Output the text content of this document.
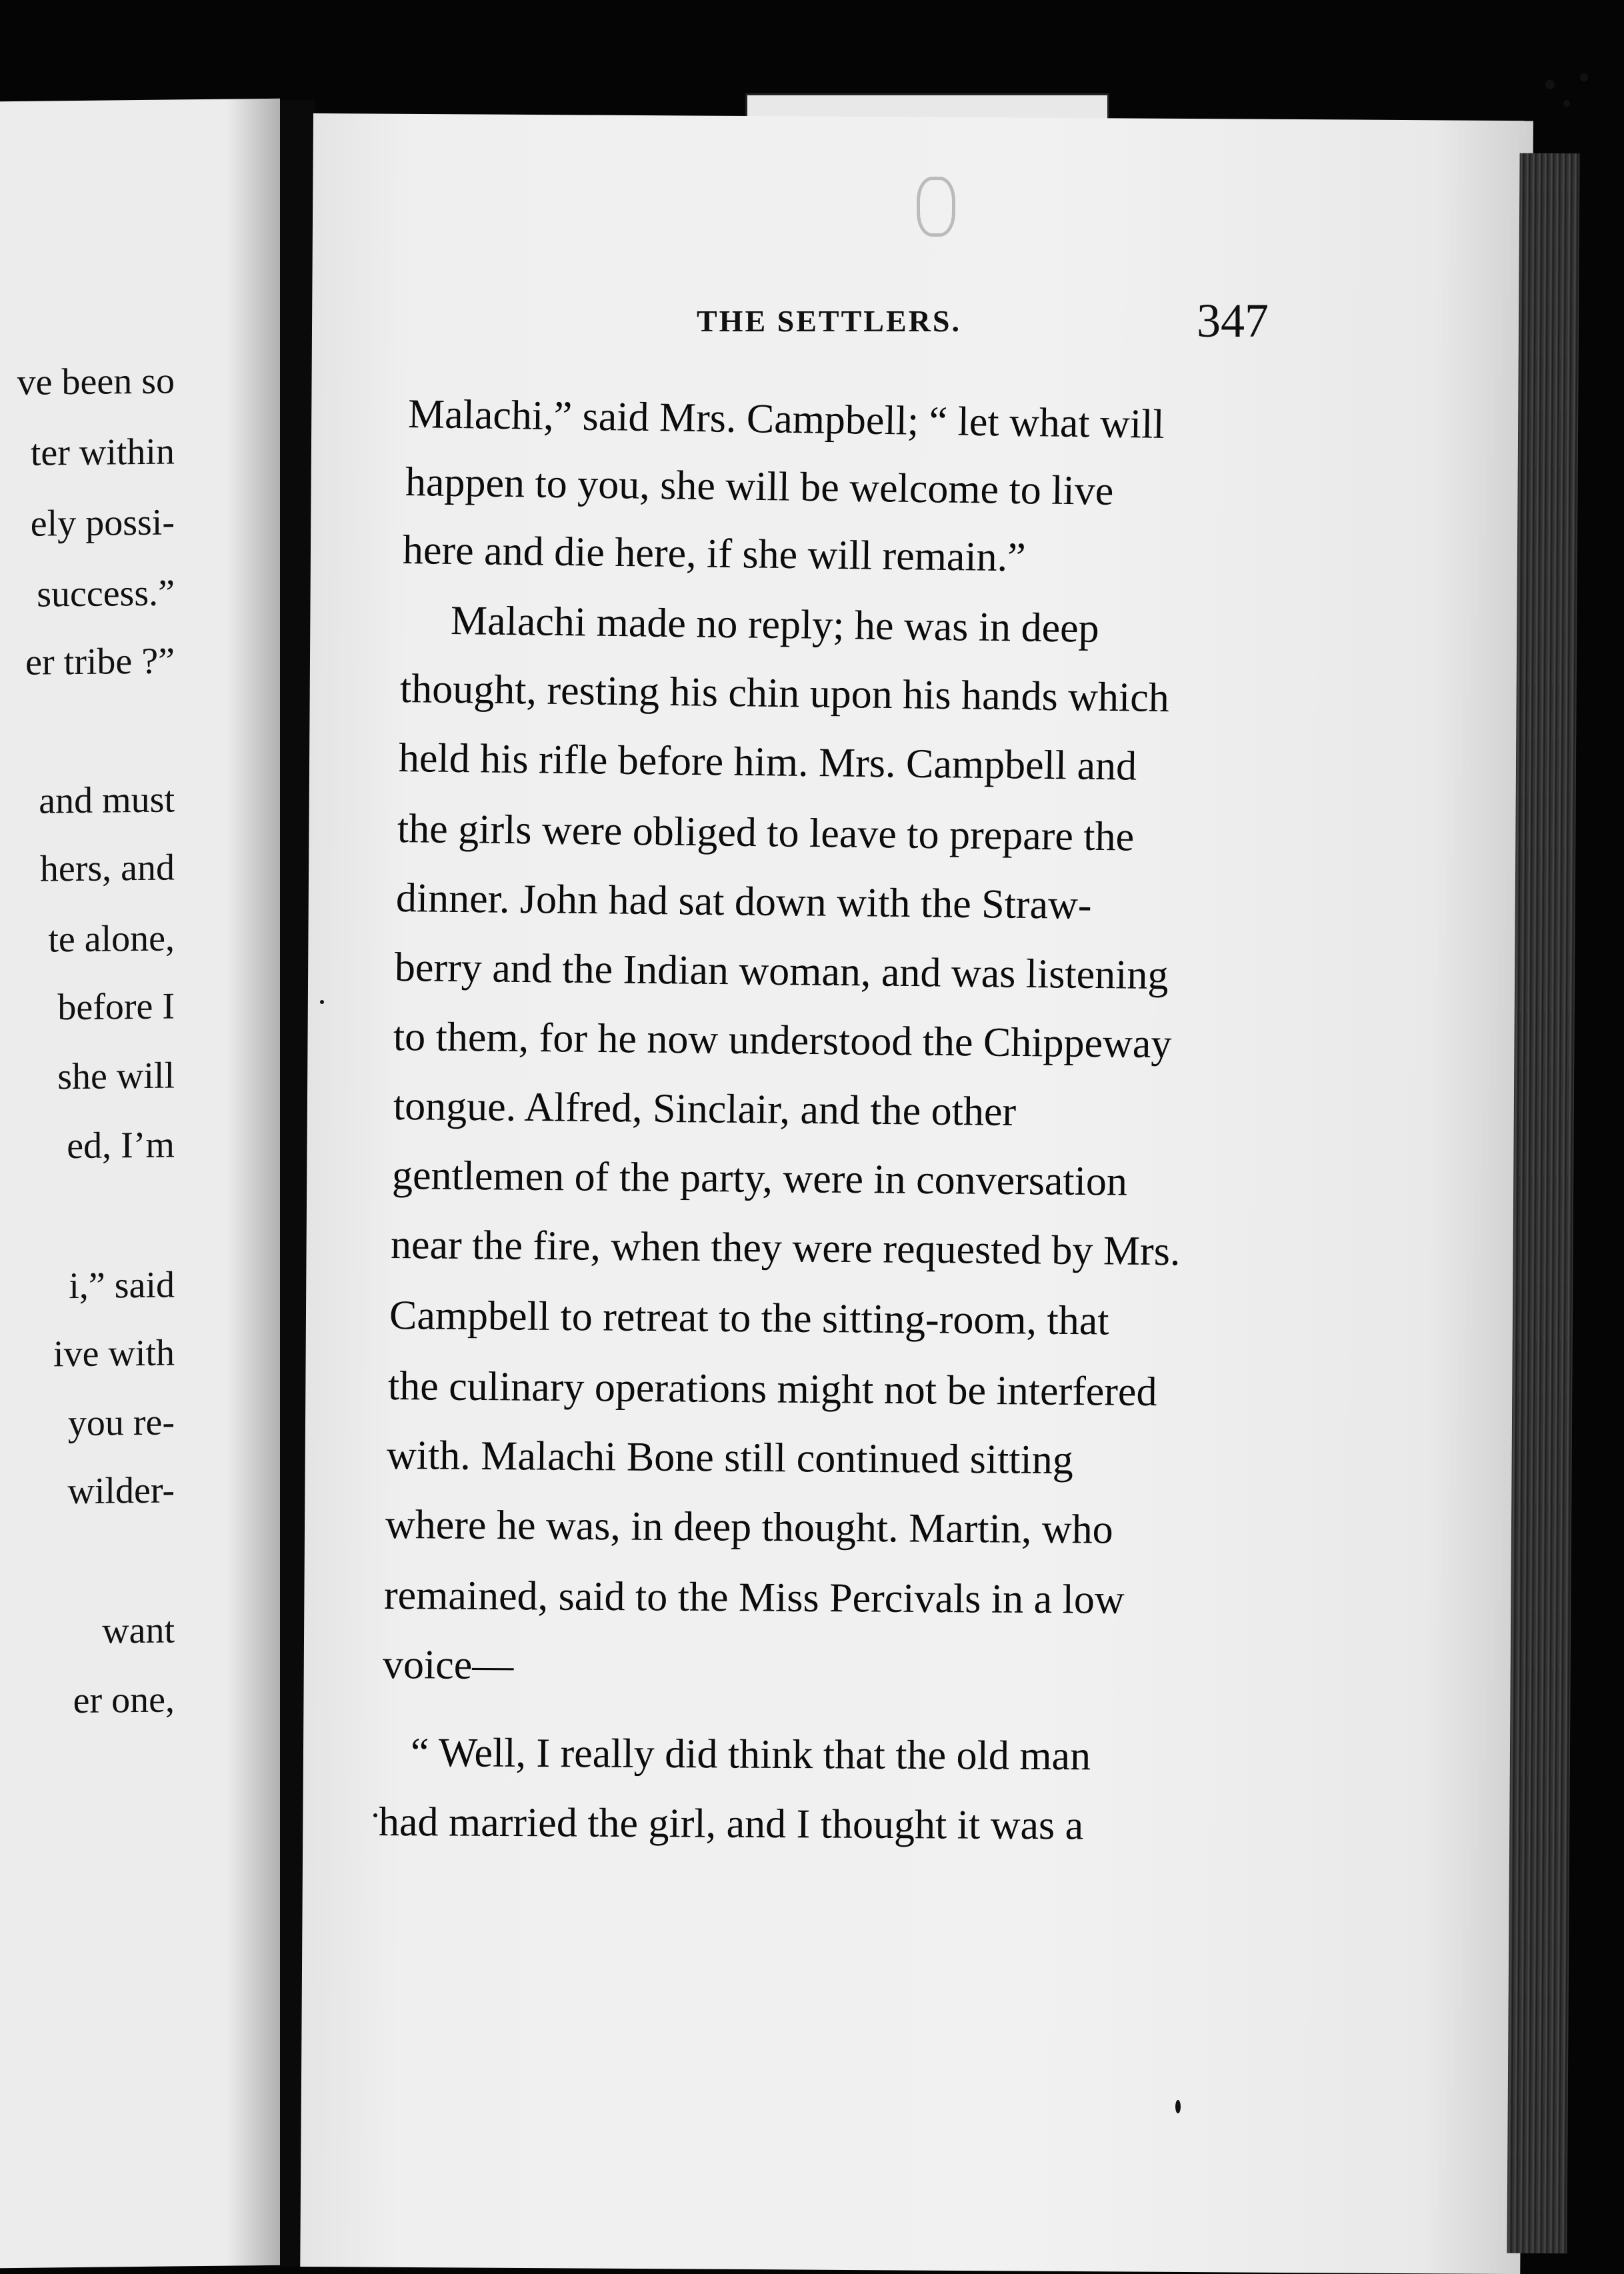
ve been so
ter within
ely possi-
success.”
er tribe ?”
and must
hers, and
te alone,
before I
she will
ed, I’m
i,” said
ive with
you re-
wilder-
want
er one,
THE SETTLERS.	347
Malachi,” said Mrs. Campbell; “ let what will
happen to you, she will be welcome to live
here and die here, if she will remain.”
Malachi made no reply; he was in deep
thought, resting his chin upon his hands which
held his rifle before him. Mrs. Campbell and
the girls were obliged to leave to prepare the
dinner. John had sat down with the Straw-
berry and the Indian woman, and was listening
to them, for he now understood the Chippeway
tongue. Alfred, Sinclair, and the other
gentlemen of the party, were in conversation
near the fire, when they were requested by Mrs.
Campbell to retreat to the sitting-room, that
the culinary operations might not be interfered
with. Malachi Bone still continued sitting
where he was, in deep thought. Martin, who
remained, said to the Miss Percivals in a low
voice—
“ Well, I really did think that the old man
had married the girl, and I thought it was a
